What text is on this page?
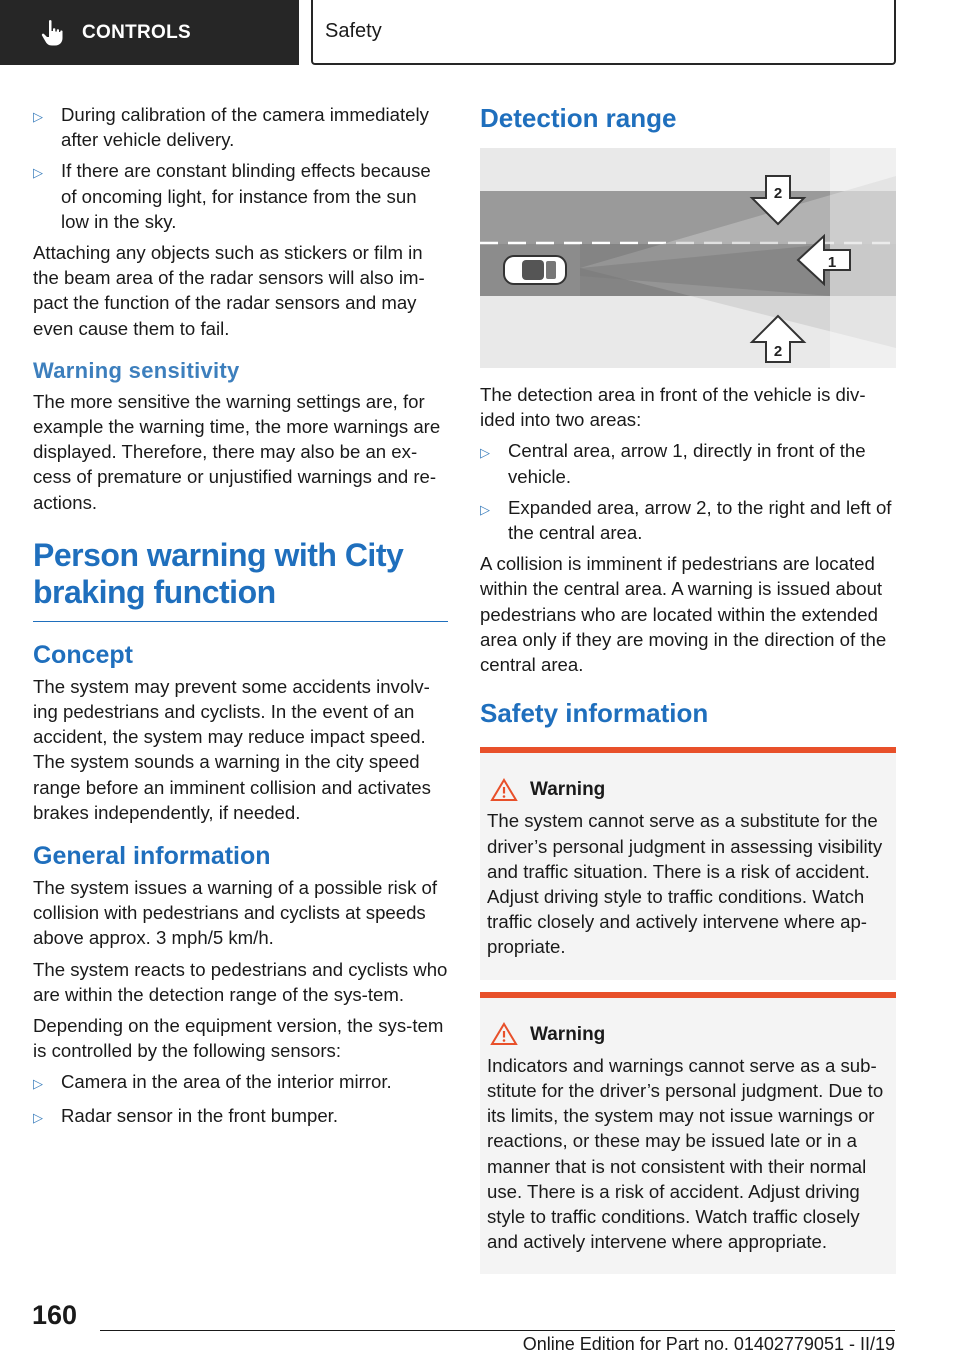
CONTROLS	Safety
▷ During calibration of the camera immediately after vehicle delivery.
▷ If there are constant blinding effects because of oncoming light, for instance from the sun low in the sky.

Attaching any objects such as stickers or film in the beam area of the radar sensors will also im-pact the function of the radar sensors and may even cause them to fail.

Warning sensitivity

The more sensitive the warning settings are, for example the warning time, the more warnings are displayed. Therefore, there may also be an ex-cess of premature or unjustified warnings and re-actions.

Person warning with City braking function
Concept

The system may prevent some accidents involv-ing pedestrians and cyclists. In the event of an accident, the system may reduce impact speed. The system sounds a warning in the city speed range before an imminent collision and activates brakes independently, if needed.

General information

The system issues a warning of a possible risk of collision with pedestrians and cyclists at speeds above approx. 3 mph/5 km/h.

The system reacts to pedestrians and cyclists who are within the detection range of the sys-tem.

Depending on the equipment version, the sys-tem is controlled by the following sensors:

▷ Camera in the area of the interior mirror.
▷ Radar sensor in the front bumper.
Detection range
1
2
2

The detection area in front of the vehicle is div-ided into two areas:

▷ Central area, arrow 1, directly in front of the vehicle.
▷ Expanded area, arrow 2, to the right and left of the central area.

A collision is imminent if pedestrians are located within the central area. A warning is issued about pedestrians who are located within the extended area only if they are moving in the direction of the central area.

Safety information
Warning
The system cannot serve as a substitute for the driver’s personal judgment in assessing visibility and traffic situation. There is a risk of accident. Adjust driving style to traffic conditions. Watch traffic closely and actively intervene where ap-propriate.
Warning
Indicators and warnings cannot serve as a sub-stitute for the driver’s personal judgment. Due to its limits, the system may not issue warnings or reactions, or these may be issued late or in a manner that is not consistent with their normal use. There is a risk of accident. Adjust driving style to traffic conditions. Watch traffic closely and actively intervene where appropriate.
160
Online Edition for Part no. 01402779051 - II/19
